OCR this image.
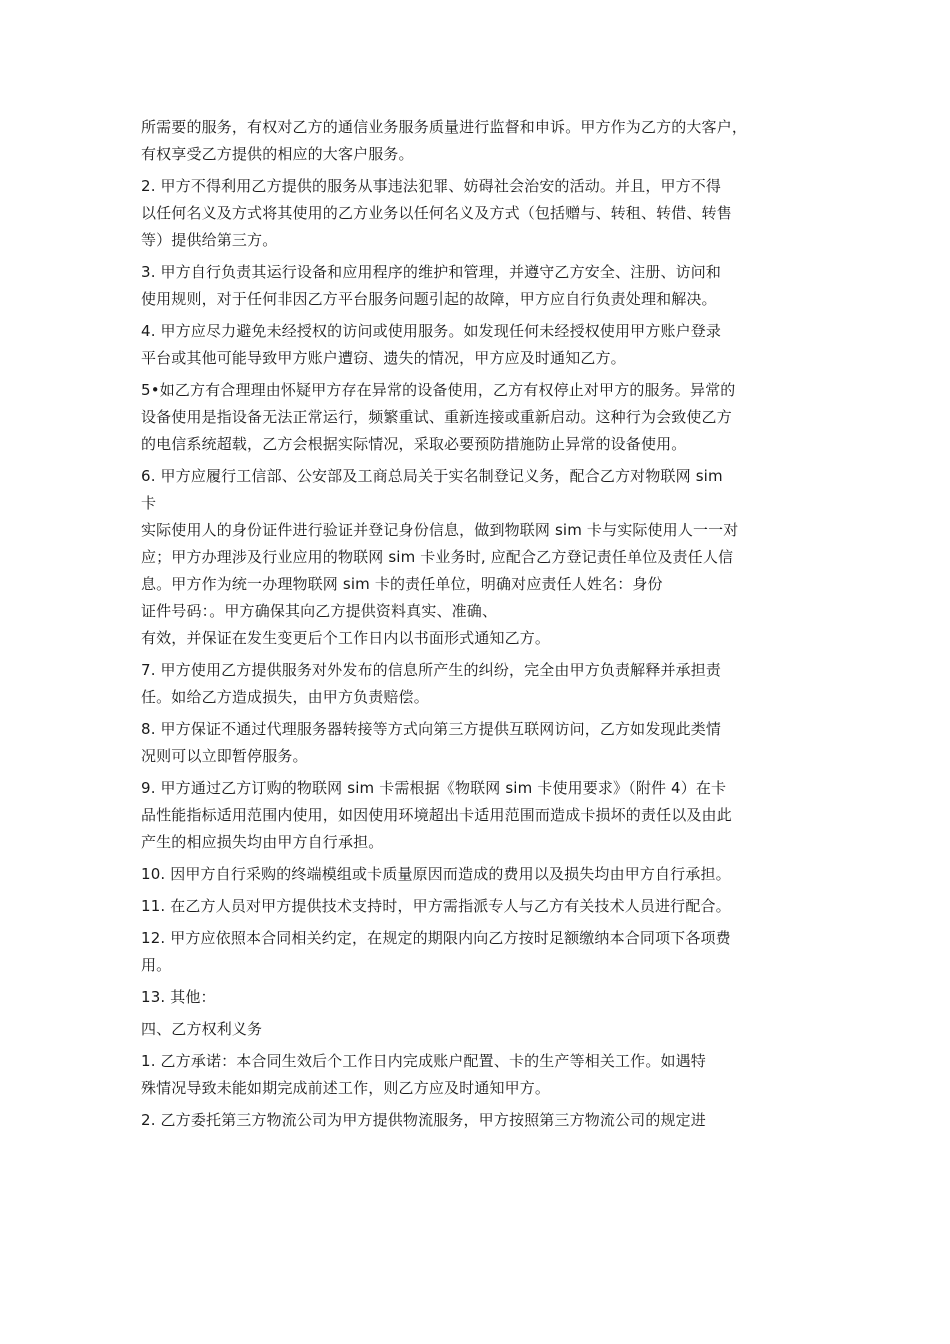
所需要的服务，有权对乙方的通信业务服务质量进行监督和申诉。甲方作为乙方的大客户，
有权享受乙方提供的相应的大客户服务。
2. 甲方不得利用乙方提供的服务从事违法犯罪、妨碍社会治安的活动。并且，甲方不得
以任何名义及方式将其使用的乙方业务以任何名义及方式（包括赠与、转租、转借、转售
等）提供给第三方。
3. 甲方自行负责其运行设备和应用程序的维护和管理，并遵守乙方安全、注册、访问和
使用规则，对于任何非因乙方平台服务问题引起的故障，甲方应自行负责处理和解决。
4. 甲方应尽力避免未经授权的访问或使用服务。如发现任何未经授权使用甲方账户登录
平台或其他可能导致甲方账户遭窃、遗失的情况，甲方应及时通知乙方。
5•如乙方有合理理由怀疑甲方存在异常的设备使用，乙方有权停止对甲方的服务。异常的
设备使用是指设备无法正常运行，频繁重试、重新连接或重新启动。这种行为会致使乙方
的电信系统超载，乙方会根据实际情况，采取必要预防措施防止异常的设备使用。
6. 甲方应履行工信部、公安部及工商总局关于实名制登记义务，配合乙方对物联网 sim
卡
实际使用人的身份证件进行验证并登记身份信息，做到物联网 sim 卡与实际使用人一一对
应；甲方办理涉及行业应用的物联网 sim 卡业务时, 应配合乙方登记责任单位及责任人信
息。甲方作为统一办理物联网 sim 卡的责任单位，明确对应责任人姓名：身份
证件号码：。甲方确保其向乙方提供资料真实、准确、
有效，并保证在发生变更后个工作日内以书面形式通知乙方。
7. 甲方使用乙方提供服务对外发布的信息所产生的纠纷，完全由甲方负责解释并承担责
任。如给乙方造成损失，由甲方负责赔偿。
8. 甲方保证不通过代理服务器转接等方式向第三方提供互联网访问，乙方如发现此类情
况则可以立即暂停服务。
9. 甲方通过乙方订购的物联网 sim 卡需根据《物联网 sim 卡使用要求》（附件 4）在卡
品性能指标适用范围内使用，如因使用环境超出卡适用范围而造成卡损坏的责任以及由此
产生的相应损失均由甲方自行承担。
10. 因甲方自行采购的终端模组或卡质量原因而造成的费用以及损失均由甲方自行承担。
11. 在乙方人员对甲方提供技术支持时，甲方需指派专人与乙方有关技术人员进行配合。
12. 甲方应依照本合同相关约定，在规定的期限内向乙方按时足额缴纳本合同项下各项费
用。
13. 其他：
四、乙方权利义务
1. 乙方承诺：本合同生效后个工作日内完成账户配置、卡的生产等相关工作。如遇特
殊情况导致未能如期完成前述工作，则乙方应及时通知甲方。
2. 乙方委托第三方物流公司为甲方提供物流服务，甲方按照第三方物流公司的规定进
